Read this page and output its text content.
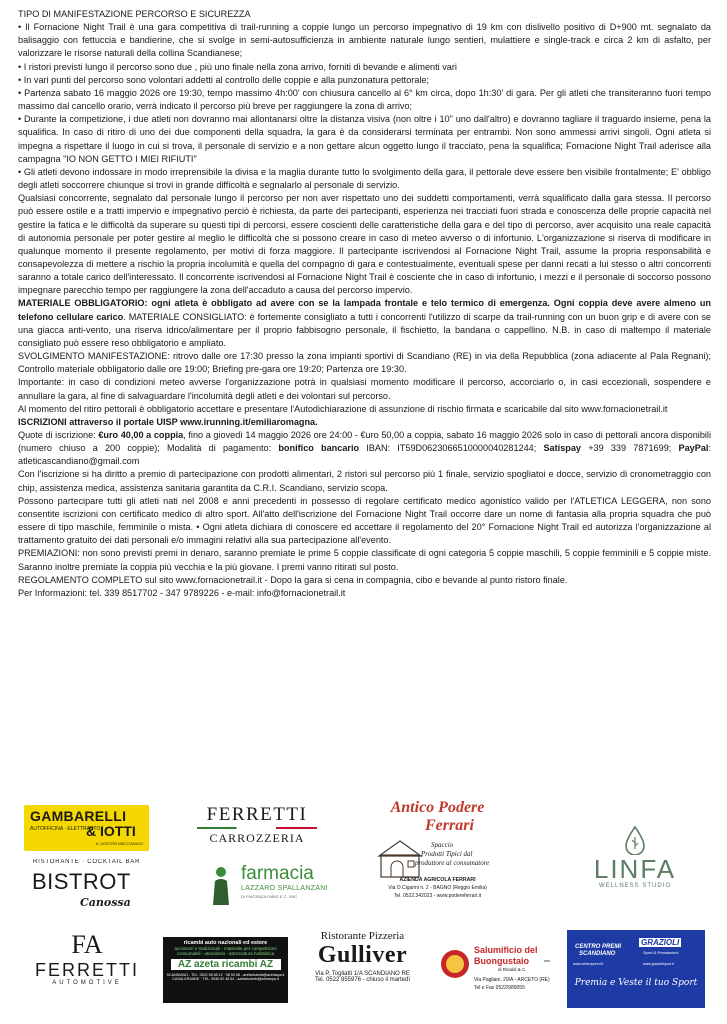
TIPO DI MANIFESTAZIONE PERCORSO E SICUREZZA

• Il Fornacione Night Trail è una gara competitiva di trail-running a coppie lungo un percorso impegnativo di 19 km con dislivello positivo di D+900 mt. segnalato da balisaggio con fettuccia e bandierine, che si svolge in semi-autosufficienza in ambiente naturale lungo sentieri, mulattiere e single-track e circa 2 km di asfalto, per valorizzare le risorse naturali della collina Scandianese;

• I ristori previsti lungo il percorso sono due , più uno finale nella zona arrivo, forniti di bevande e alimenti vari

• In vari punti del percorso sono volontari addetti al controllo delle coppie e alla punzonatura pettorale;

• Partenza sabato 16 maggio 2026 ore 19:30, tempo massimo 4h:00' con chiusura cancello al 6° km circa, dopo 1h:30' di gara. Per gli atleti che transiteranno fuori tempo massimo dal cancello orario, verrà indicato il percorso più breve per raggiungere la zona di arrivo;

• Durante la competizione, i due atleti non dovranno mai allontanarsi oltre la distanza visiva (non oltre i 10" uno dall'altro) e dovranno tagliare il traguardo insieme, pena la squalifica. In caso di ritiro di uno dei due componenti della squadra, la gara è da considerarsi terminata per entrambi. Non sono ammessi arrivi singoli. Ogni atleta si impegna a rispettare il luogo in cui si trova, il personale di servizio e a non gettare alcun oggetto lungo il tracciato, pena la squalifica; Fornacione Night Trail aderisce alla campagna "IO NON GETTO I MIEI RIFIUTI"

• Gli atleti devono indossare in modo irreprensibile la divisa e la maglia durante tutto lo svolgimento della gara, il pettorale deve essere ben visibile frontalmente; E' obbligo degli atleti soccorrere chiunque si trovi in grande difficoltà e segnalarlo al personale di servizio.

Qualsiasi concorrente, segnalato dal personale lungo il percorso per non aver rispettato uno dei suddetti comportamenti, verrà squalificato dalla gara stessa. Il percorso può essere ostile e a tratti impervio e impegnativo perciò è richiesta, da parte dei partecipanti, esperienza nei tracciati fuori strada e conoscenza delle proprie capacità nel gestire la fatica e le difficoltà da superare su questi tipi di percorsi, essere coscienti delle caratteristiche della gara e del tipo di percorso, aver acquisito una reale capacità di autonomia personale per poter gestire al meglio le difficoltà che si possono creare in caso di meteo avverso o di infortunio. L'organizzazione si riserva di modificare in qualunque momento il presente regolamento, per motivi di forza maggiore. Il partecipante iscrivendosi al Fornacione Night Trail, assume la propria responsabilità e consapevolezza di mettere a rischio la propria incolumità e quella del compagno di gara e contestualmente, eventuali spese per danni recati a lui stesso o altri concorrenti saranno a totale carico dell'interessato. Il concorrente iscrivendosi al Fornacione Night Trail è cosciente che in caso di infortunio, i mezzi e il personale di soccorso possono impegnare parecchio tempo per raggiungere la zona dell'accaduto a causa del percorso impervio.

MATERIALE OBBLIGATORIO: ogni atleta è obbligato ad avere con se la lampada frontale e telo termico di emergenza. Ogni coppia deve avere almeno un telefono cellulare carico. MATERIALE CONSIGLIATO: è fortemente consigliato a tutti i concorrenti l'utilizzo di scarpe da trail-running con un buon grip e di avere con se una giacca anti-vento, una riserva idrico/alimentare per il proprio fabbisogno personale, il fischietto, la bandana o cappellino. N.B. in caso di maltempo il materiale consigliato può essere reso obbligatorio e ampliato.

SVOLGIMENTO MANIFESTAZIONE: ritrovo dalle ore 17:30 presso la zona impianti sportivi di Scandiano (RE) in via della Repubblica (zona adiacente al Pala Regnani); Controllo materiale obbligatorio dalle ore 19:00; Briefing pre-gara ore 19:20; Partenza ore 19:30.

Importante: in caso di condizioni meteo avverse l'organizzazione potrà in qualsiasi momento modificare il percorso, accorciarlo o, in casi eccezionali, sospendere e annullare la gara, al fine di salvaguardare l'incolumità degli atleti e dei volontari sul percorso.

Al momento del ritiro pettorali è obbligatorio accettare e presentare l'Autodichiarazione di assunzione di rischio firmata e scaricabile dal sito www.fornacionetrail.it

ISCRIZIONI attraverso il portale UISP www.irunning.it/emiliaromagna.

Quote di iscrizione: €uro 40,00 a coppia, fino a giovedì 14 maggio 2026 ore 24:00 - €uro 50,00 a coppia, sabato 16 maggio 2026 solo in caso di pettorali ancora disponibili (numero chiuso a 200 coppie); Modalità di pagamento: bonifico bancario IBAN: IT59D0623066510000040281244; Satispay +39 339 7871699; PayPal: atleticascandiano@gmail.com

Con l'iscrizione si ha diritto a premio di partecipazione con prodotti alimentari, 2 ristori sul percorso più 1 finale, servizio spogliatoi e docce, servizio di cronometraggio con chip, assistenza medica, assistenza sanitaria garantita da C.R.I. Scandiano, servizio scopa.

Possono partecipare tutti gli atleti nati nel 2008 e anni precedenti in possesso di regolare certificato medico agonistico valido per l'ATLETICA LEGGERA, non sono consentite iscrizioni con certificato medico di altro sport. All'atto dell'iscrizione del Fornacione Night Trail occorre dare un nome di fantasia alla propria squadra che può essere di tipo maschile, femminile o mista. • Ogni atleta dichiara di conoscere ed accettare il regolamento del 20° Fornacione Night Trail ed autorizza l'organizzazione al trattamento gratuito dei dati personali e/o immagini relativi alla sua partecipazione all'evento.

PREMIAZIONI: non sono previsti premi in denaro, saranno premiate le prime 5 coppie classificate di ogni categoria 5 coppie maschili, 5 coppie femminili e 5 coppie miste. Saranno inoltre premiate la coppia più vecchia e la più giovane. I premi vanno ritirati sul posto.

REGOLAMENTO COMPLETO sul sito www.fornacionetrail.it - Dopo la gara si cena in compagnia, cibo e bevande al punto ristoro finale.

Per Informazioni: tel. 339 8517702 - 347 9789226 - e-mail: info@fornacionetrail.it

GAMBARELLI
AUTOFFICINA · ELETTRAUTO
& IOTTI
IL VOSTRO MECCANICO
FERRETTI
CARROZZERIA
Antico Podere
Ferrari
Spaccio
Prodotti Tipici dal
produttore al consumatore
AZIENDA AGRICOLA FERRARI
Via O.Cigarini n. 2 - BAGNO (Reggio Emilia)
Tel. 0522.342023 - www.podereferrari.it
LINFA
WELLNESS STUDIO
RISTORANTE · COCKTAIL BAR
BISTROT
Canossa
farmacia
LAZZARO SPALLANZANI
DI PIACENZA FABIO E C. SNC
FA
FERRETTI
AUTOMOTIVE
ricambi auto nazionali ed estere
accessori e tradizionali - materiale per competizioni
consumabili - utensileria - attrezzatura hobbistica
AZ azeta ricambi AZ
SCANDIANO - TEL. 0522 98 68 12 · 98 53 58 - azetaricambi@azetaspa.it
CASALGRANDE · TEL. 0536 82 48 54 - azetaricambi@azetaspa.it
Ristorante Pizzeria
Gulliver
Via P. Togliatti 1/A SCANDIANO RE
Tel. 0522 855976 - chiuso il martedì
Salumificio del
Buongustaio	snc
di Rinaldi & C.
Via Pagliani, 29/A - ARCETO (RE)
Tel e Fax 0522/989055
CENTRO PREMI
SCANDIANO
www.centropremi.it
GRAZIOLI
Sport & Premiazioni
www.graziolisport.it
Premia e Veste il tuo Sport
